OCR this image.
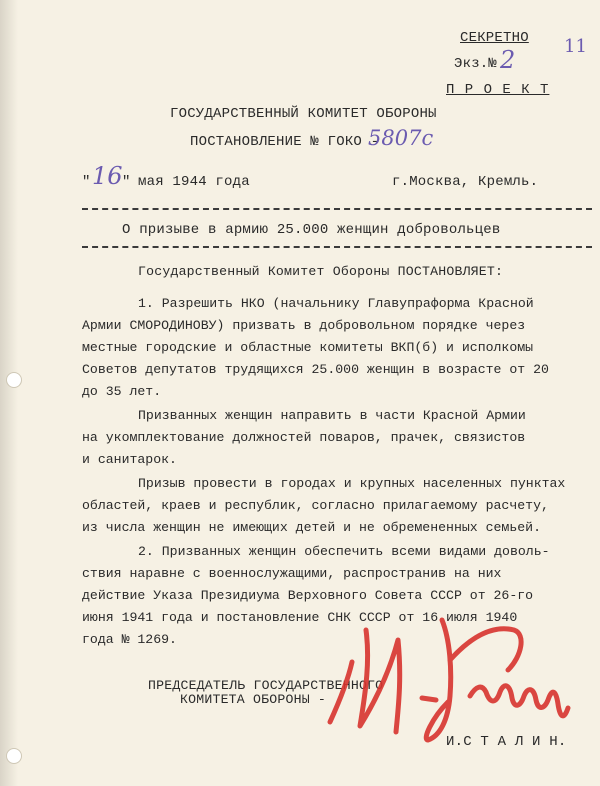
СЕКРЕТНО
Экз.№ 2
П Р О Е К Т
11
ГОСУДАРСТВЕННЫЙ КОМИТЕТ ОБОРОНЫ
ПОСТАНОВЛЕНИЕ № ГОКО -
5807с
" 16 " мая 1944 года	г.Москва, Кремль.
О призыве в армию 25.000 женщин добровольцев
Государственный Комитет Обороны ПОСТАНОВЛЯЕТ:
1. Разрешить НКО (начальнику Главупраформа Красной
Армии СМОРОДИНОВУ) призвать в добровольном порядке через
местные городские и областные комитеты ВКП(б) и исполкомы
Советов депутатов трудящихся 25.000 женщин в возрасте от 20
до 35 лет.
Призванных женщин направить в части Красной Армии
на укомплектование должностей поваров, прачек, связистов
и санитарок.
Призыв провести в городах и крупных населенных пунктах
областей, краев и республик, согласно прилагаемому расчету,
из числа женщин не имеющих детей и не обремененных семьей.
2. Призванных женщин обеспечить всеми видами доволь-
ствия наравне с военнослужащими, распространив на них
действие Указа Президиума Верховного Совета СССР от 26-го
июня 1941 года и постановление СНК СССР от 16 июля 1940
года № 1269.
ПРЕДСЕДАТЕЛЬ ГОСУДАРСТВЕННОГО
КОМИТЕТА ОБОРОНЫ -
И.С Т А Л И Н.
